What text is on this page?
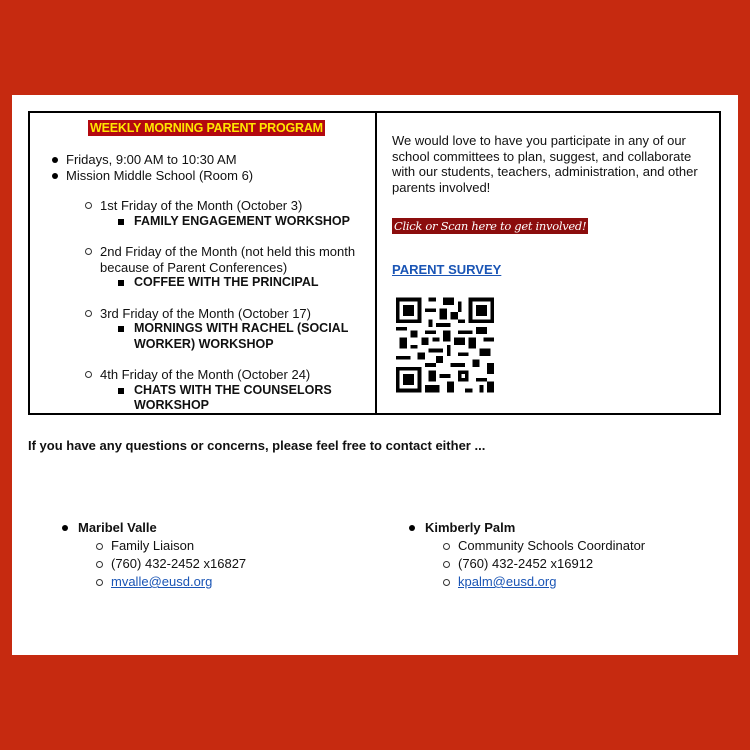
WEEKLY MORNING PARENT PROGRAM
Fridays, 9:00 AM to 10:30 AM
Mission Middle School (Room 6)
1st Friday of the Month (October 3)
FAMILY ENGAGEMENT WORKSHOP
2nd Friday of the Month (not held this month because of Parent Conferences)
COFFEE WITH THE PRINCIPAL
3rd Friday of the Month (October 17)
MORNINGS WITH RACHEL (SOCIAL WORKER) WORKSHOP
4th Friday of the Month (October 24)
CHATS WITH THE COUNSELORS WORKSHOP

We would love to have you participate in any of our school committees to plan, suggest, and collaborate with our students, teachers, administration, and other parents involved!

Click or Scan here to get involved!
PARENT SURVEY
If you have any questions or concerns, please feel free to contact either ...
Maribel Valle
Family Liaison
(760) 432-2452 x16827
mvalle@eusd.org
Kimberly Palm
Community Schools Coordinator
(760) 432-2452 x16912
kpalm@eusd.org
